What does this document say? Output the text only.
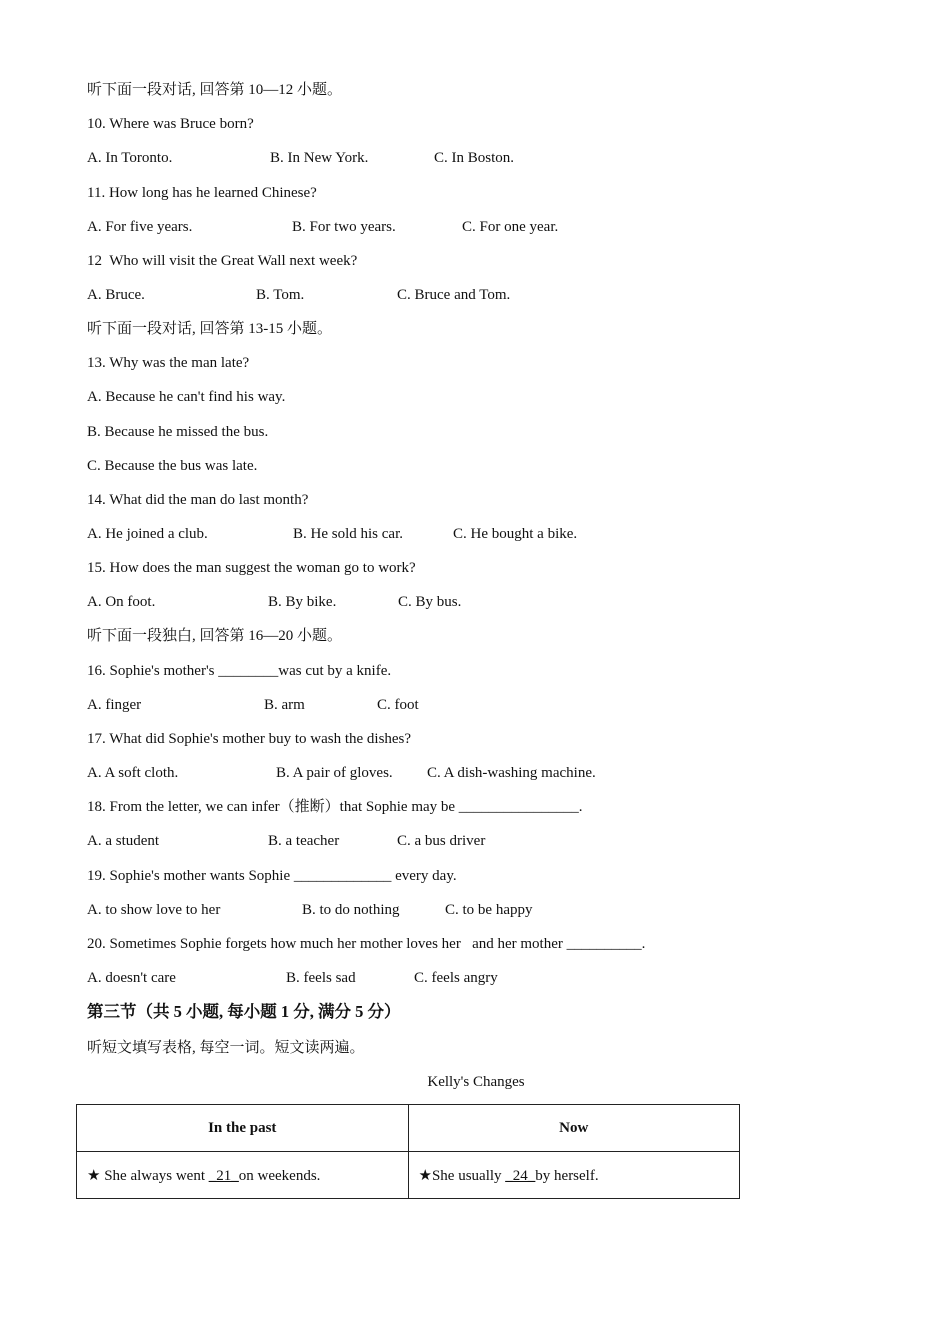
听下面一段对话, 回答第 10—12 小题。
10. Where was Bruce born?
A. In Toronto.	B. In New York.	C. In Boston.
11. How long has he learned Chinese?
A. For five years.	B. For two years.	C. For one year.
12  Who will visit the Great Wall next week?
A. Bruce.	B. Tom.	C. Bruce and Tom.
听下面一段对话, 回答第 13-15 小题。
13. Why was the man late?
A. Because he can't find his way.
B. Because he missed the bus.
C. Because the bus was late.
14. What did the man do last month?
A. He joined a club.	B. He sold his car.	C. He bought a bike.
15. How does the man suggest the woman go to work?
A. On foot.	B. By bike.	C. By bus.
听下面一段独白, 回答第 16—20 小题。
16. Sophie's mother's ________was cut by a knife.
A. finger	B. arm	C. foot
17. What did Sophie's mother buy to wash the dishes?
A. A soft cloth.	B. A pair of gloves. C. A dish-washing machine.
18. From the letter, we can infer（推断）that Sophie may be ________________.
A. a student	B. a teacher	C. a bus driver
19. Sophie's mother wants Sophie _____________ every day.
A. to show love to her	B. to do nothing	C. to be happy
20. Sometimes Sophie forgets how much her mother loves her   and her mother __________.
A. doesn't care	B. feels sad	C. feels angry
第三节（共 5 小题, 每小题 1 分, 满分 5 分）
听短文填写表格, 每空一词。短文读两遍。
Kelly's Changes
In the past	Now
★ She always went _21_on weekends.	★She usually _24_by herself.
